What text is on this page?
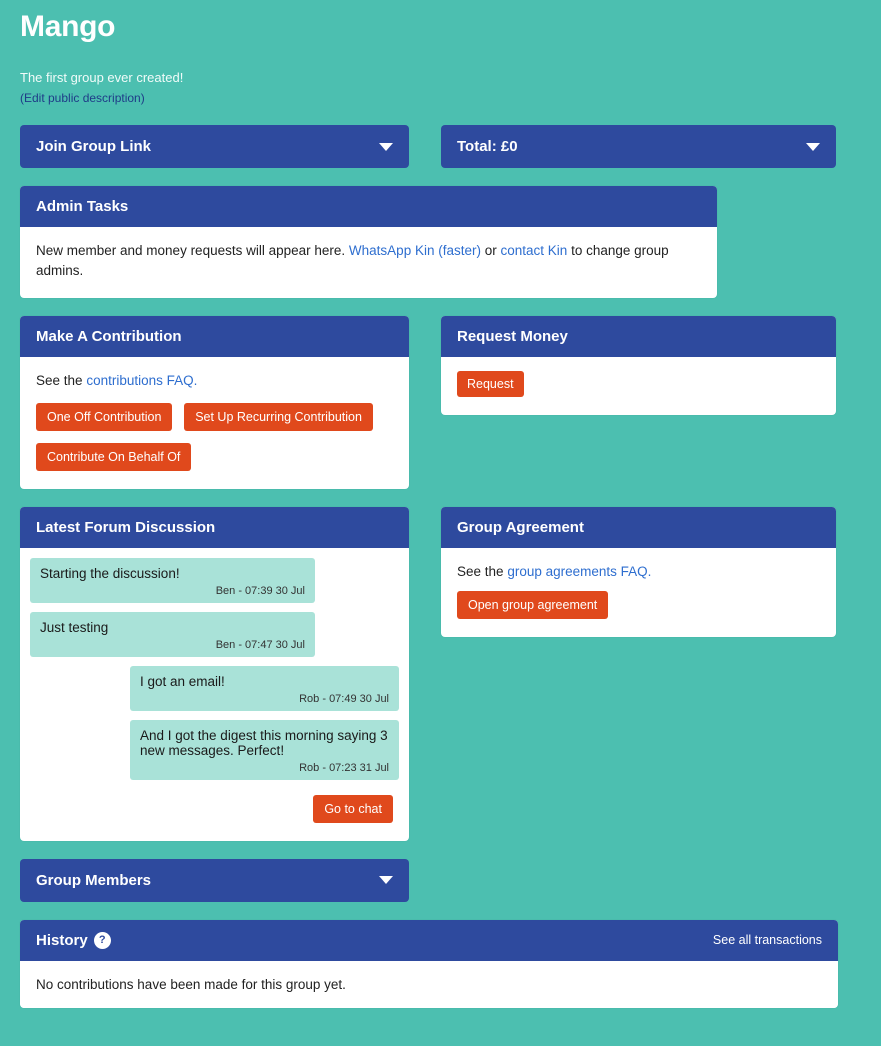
Mango
The first group ever created!
(Edit public description)
Join Group Link	Total: £0
Admin Tasks
New member and money requests will appear here. WhatsApp Kin (faster) or contact Kin to change group admins.
Make A Contribution
See the contributions FAQ.
One Off Contribution	Set Up Recurring Contribution
Contribute On Behalf Of
Request Money
Request
Latest Forum Discussion
Starting the discussion!
Ben - 07:39 30 Jul
Just testing
Ben - 07:47 30 Jul
I got an email!
Rob - 07:49 30 Jul
And I got the digest this morning saying 3 new messages. Perfect!
Rob - 07:23 31 Jul
Go to chat
Group Agreement
See the group agreements FAQ.
Open group agreement
Group Members
History	?	See all transactions
No contributions have been made for this group yet.
